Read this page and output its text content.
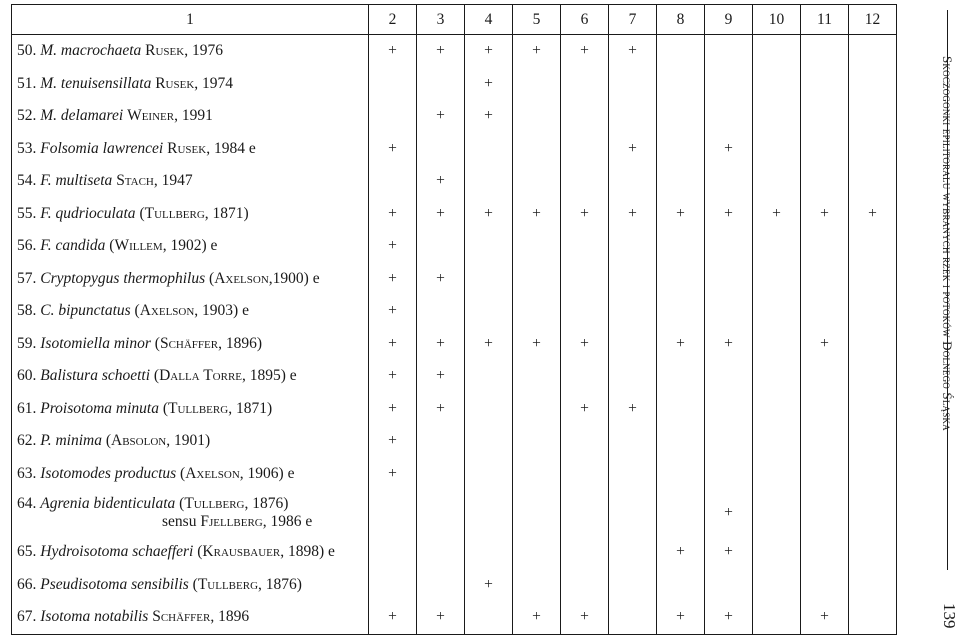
1	2	3	4	5	6	7	8	9	10	11	12
50. M. macrochaeta Rusek, 1976	+	+	+	+	+	+					
51. M. tenuisensillata Rusek, 1974			+								
52. M. delamarei Weiner, 1991		+	+								
53. Folsomia lawrencei Rusek, 1984 e	+					+		+			
54. F. multiseta Stach, 1947		+									
55. F. qudrioculata (Tullberg, 1871)	+	+	+	+	+	+	+	+	+	+	+
56. F. candida (Willem, 1902) e	+										
57. Cryptopygus thermophilus (Axelson,1900) e	+	+									
58. C. bipunctatus (Axelson, 1903) e	+										
59. Isotomiella minor (Schäffer, 1896)	+	+	+	+	+		+	+		+	
60. Balistura schoetti (Dalla Torre, 1895) e	+	+									
61. Proisotoma minuta (Tullberg, 1871)	+	+			+	+					
62. P. minima (Absolon, 1901)	+										
63. Isotomodes productus (Axelson, 1906) e	+										
64. Agrenia bidenticulata (Tullberg, 1876)
sensu Fjellberg, 1986 e								+			
65. Hydroisotoma schaefferi (Krausbauer, 1898) e							+	+			
66. Pseudisotoma sensibilis (Tullberg, 1876)			+								
67. Isotoma notabilis Schäffer, 1896	+	+		+	+		+	+		+	
Skoczogonki epilitoralu wybranych rzek i potoków Dolnego Śląska
139
